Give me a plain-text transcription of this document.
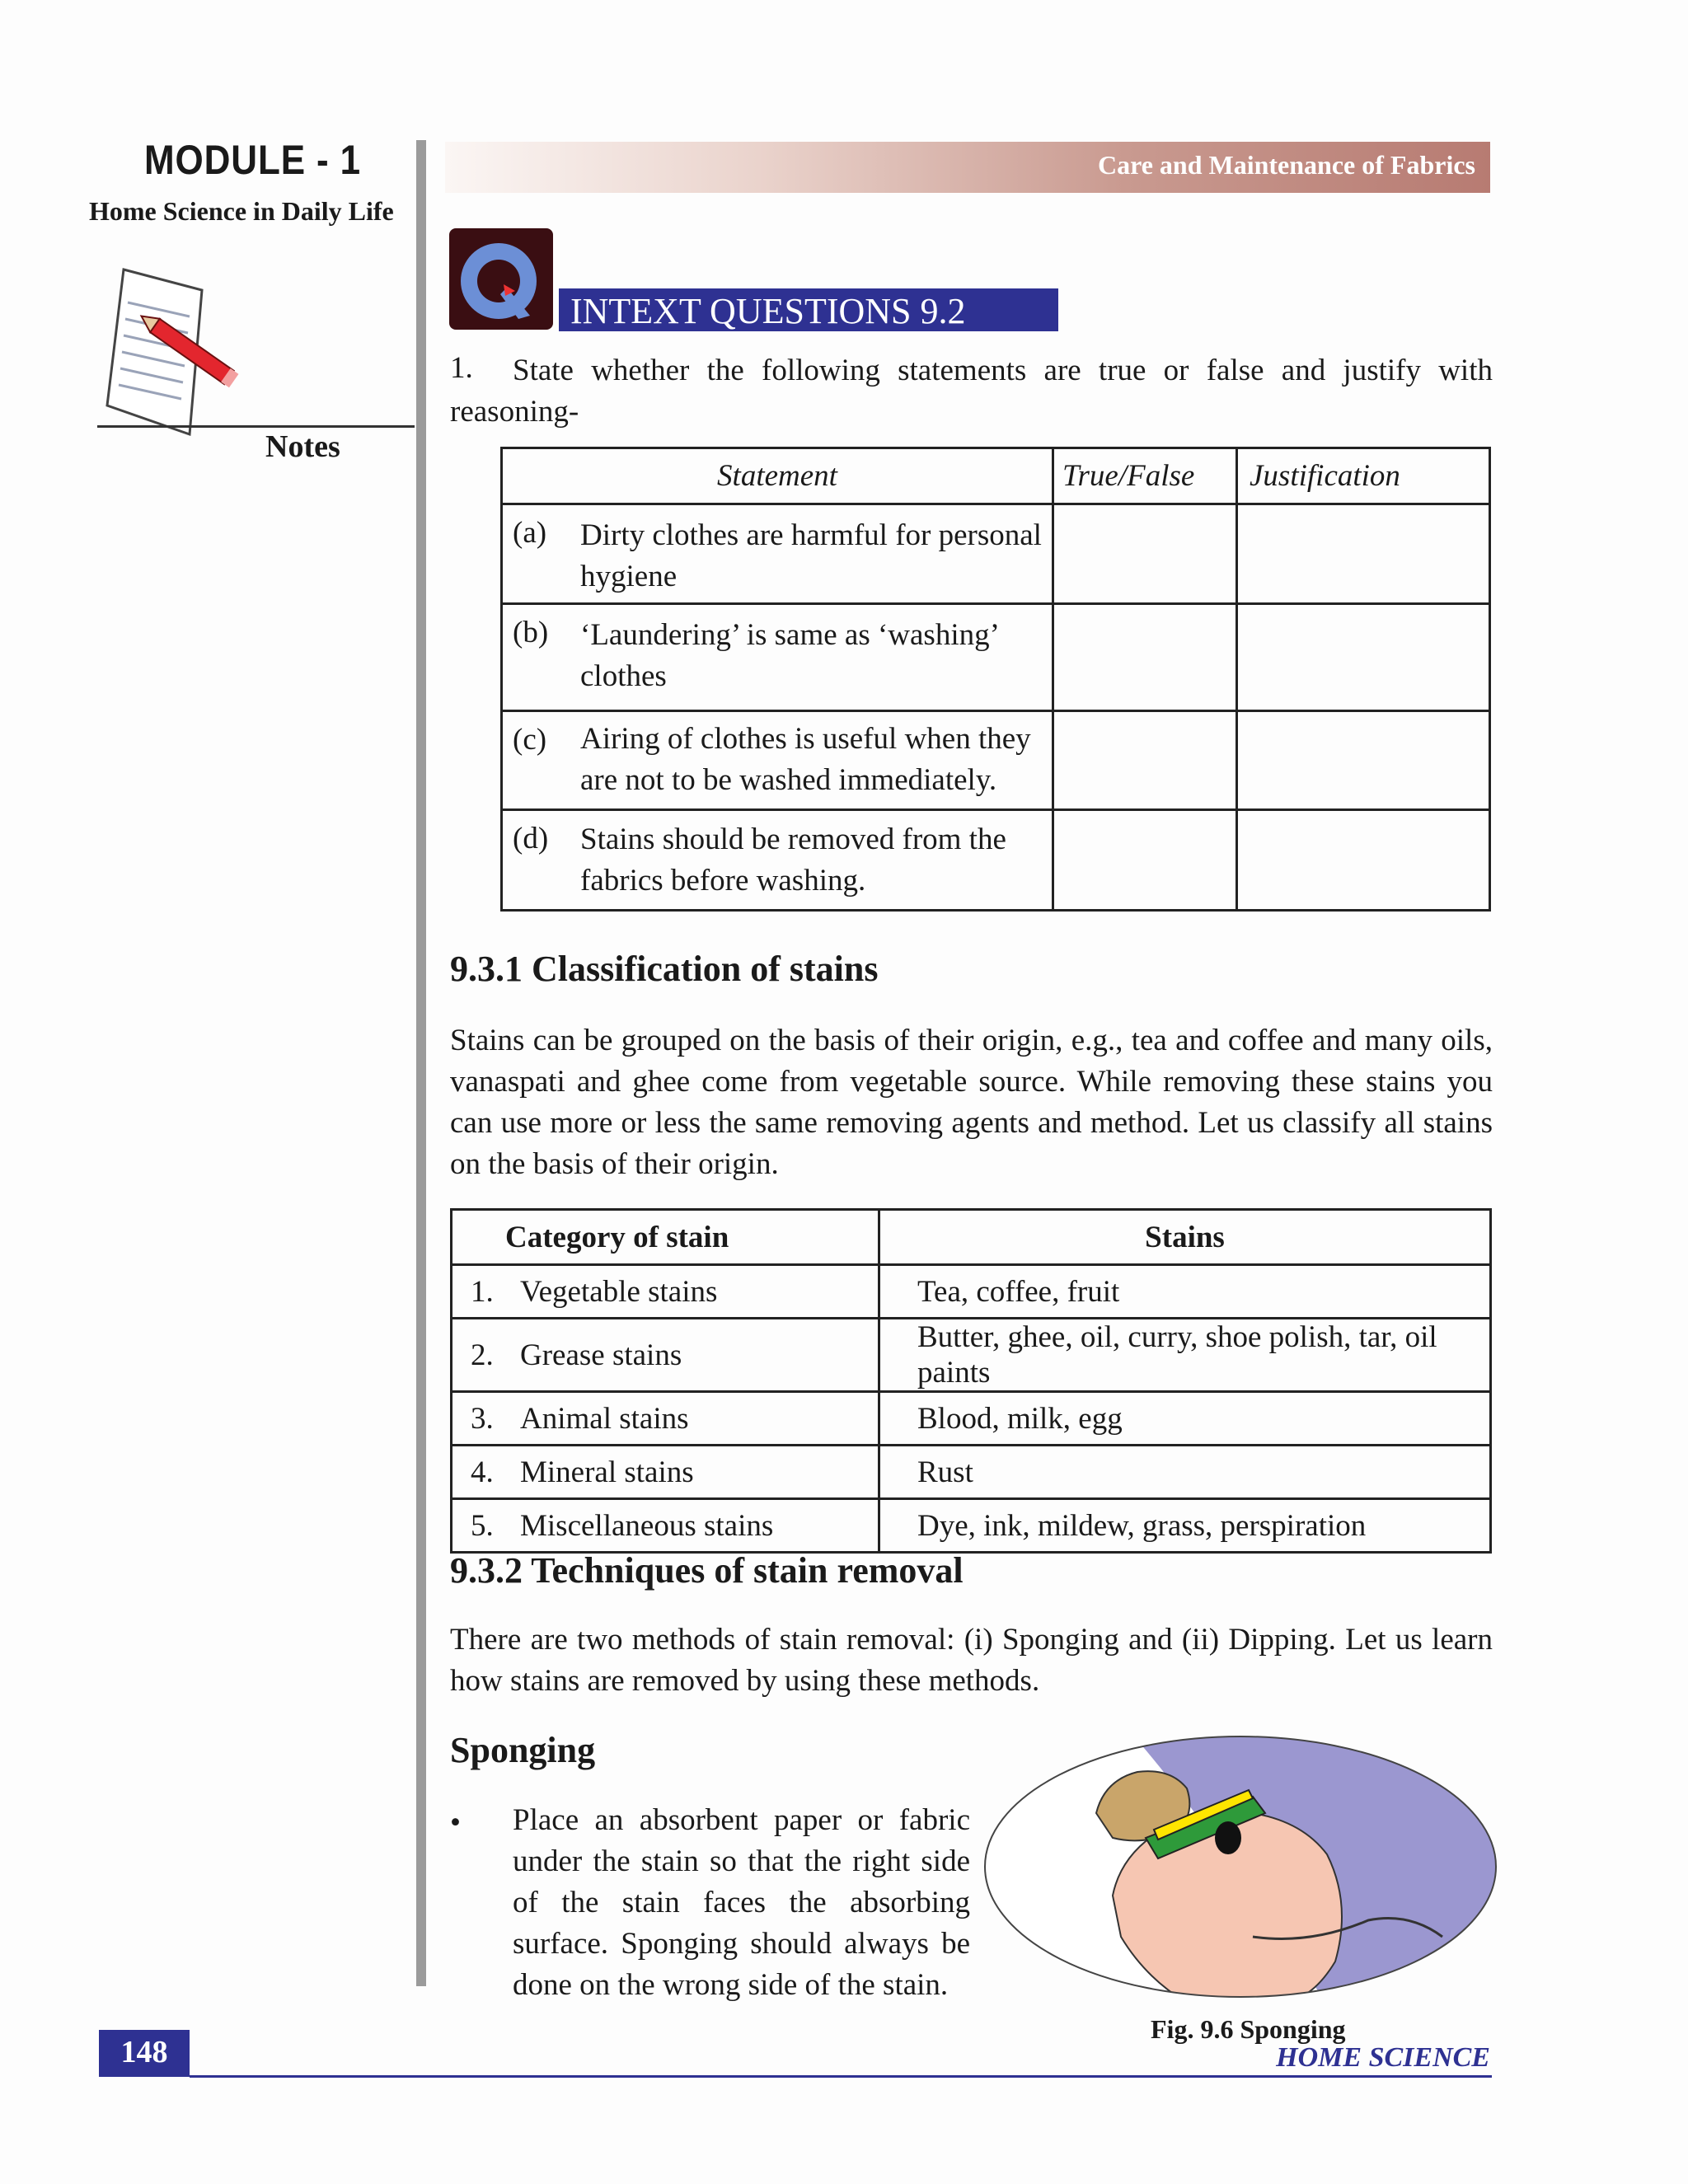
MODULE - 1
Home Science in Daily Life
Notes
Care and Maintenance of Fabrics
INTEXT QUESTIONS 9.2
1.	State whether the following statements are true or false and justify with reasoning-
Statement	True/False	Justification

(a) Dirty clothes are harmful for personal hygiene		

(b) ‘Laundering’ is same as ‘washing’ clothes		

(c) Airing of clothes is useful when they are not to be washed immediately.		

(d) Stains should be removed from the fabrics before washing.		

9.3.1 Classification of stains
Stains can be grouped on the basis of their origin, e.g., tea and coffee and many oils, vanaspati and ghee come from vegetable source. While removing these stains you can use more or less the same removing agents and method. Let us classify all stains on the basis of their origin.
Category of stain	Stains
1. Vegetable stains	Tea, coffee, fruit
2. Grease stains	Butter, ghee, oil, curry, shoe polish, tar, oil paints
3. Animal stains	Blood, milk, egg
4. Mineral stains	Rust
5. Miscellaneous stains	Dye, ink, mildew, grass, perspiration
9.3.2 Techniques of stain removal
There are two methods of stain removal: (i) Sponging and (ii) Dipping. Let us learn how stains are removed by using these methods.
Sponging
• Place an absorbent paper or fabric under the stain so that the right side of the stain faces the absorbing surface. Sponging should always be done on the wrong side of the stain.
Fig. 9.6 Sponging
148	HOME SCIENCE
